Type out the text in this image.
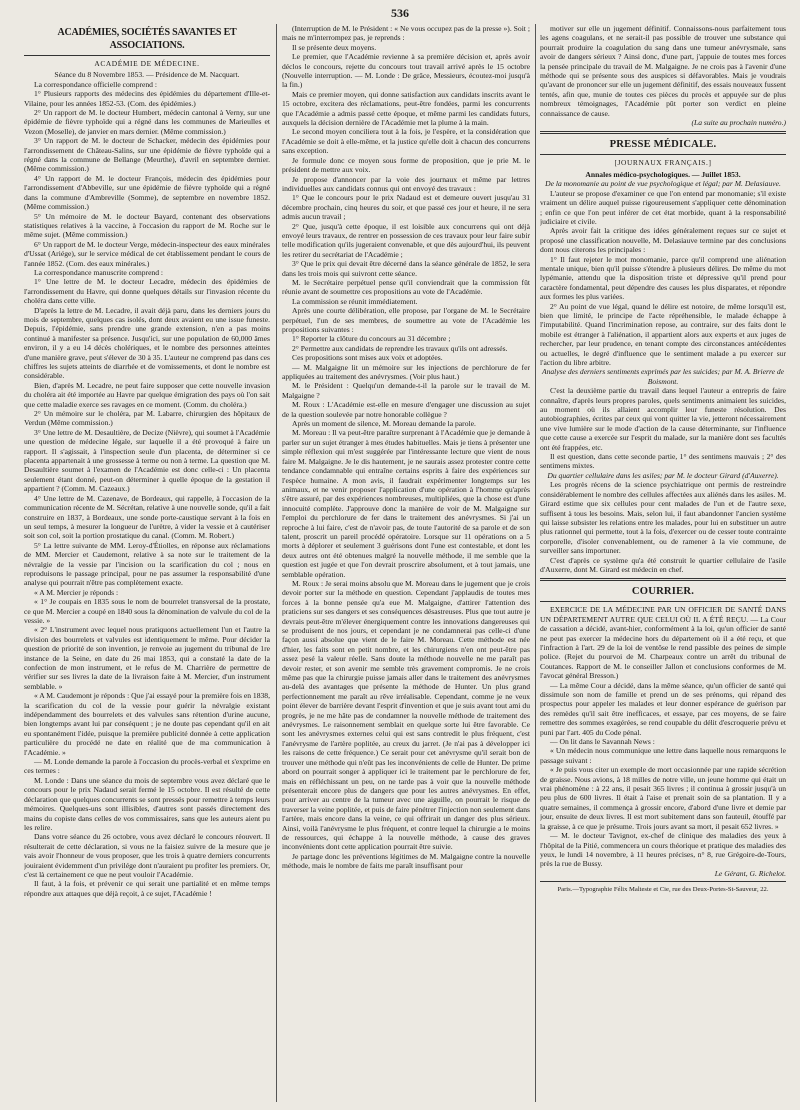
536
ACADÉMIES, SOCIÉTÉS SAVANTES ET ASSOCIATIONS.
ACADÉMIE DE MÉDECINE.
Séance du 8 Novembre 1853. — Présidence de M. Nacquart.

La correspondance officielle comprend :

1° Plusieurs rapports des médecins des épidémies du département d'Ille-et-Vilaine, pour les années 1852-53. (Com. des épidémies.)

2° Un rapport de M. le docteur Humbert, médecin cantonal à Verny, sur une épidémie de fièvre typhoïde qui a régné dans les communes de Marieulles et Vezon (Moselle), de janvier en mars dernier. (Même commission.)

3° Un rapport de M. le docteur de Schacker, médecin des épidémies pour l'arrondissement de Château-Salins, sur une épidémie de fièvre typhoïde qui a régné dans la commune de Bellange (Meurthe), d'avril en septembre dernier. (Même commission.)

4° Un rapport de M. le docteur François, médecin des épidémies pour l'arrondissement d'Abbeville, sur une épidémie de fièvre typhoïde qui a régné dans la commune d'Ambreville (Somme), de septembre en novembre 1852. (Même commission.)

5° Un mémoire de M. le docteur Bayard, contenant des observations statistiques relatives à la vaccine, à l'occasion du rapport de M. Roche sur le même sujet. (Même commission.)

6° Un rapport de M. le docteur Verge, médecin-inspecteur des eaux minérales d'Ussat (Ariége), sur le service médical de cet établissement pendant le cours de l'année 1852. (Com. des eaux minérales.)

La correspondance manuscrite comprend :

1° Une lettre de M. le docteur Lecadre, médecin des épidémies de l'arrondissement du Havre, qui donne quelques détails sur l'invasion récente du choléra dans cette ville.

D'après la lettre de M. Lecadre, il avait déjà paru, dans les derniers jours du mois de septembre, quelques cas isolés, dont deux avaient eu une issue funeste. Depuis, l'épidémie, sans prendre une grande extension, n'en a pas moins continué à manifester sa présence. Jusqu'ici, sur une population de 60,000 âmes environ, il y a eu 14 décès cholériques, et le nombre des personnes atteintes d'une manière grave, peut s'élever de 30 à 35. L'auteur ne comprend pas dans ces chiffres les sujets atteints de diarrhée et de vomissements, et dont le nombre est considérable.

Bien, d'après M. Lecadre, ne peut faire supposer que cette nouvelle invasion du choléra ait été importée au Havre par quelque émigration des pays où l'on sait que cette maladie exerce ses ravages en ce moment. (Comm. du choléra.)

2° Un mémoire sur le choléra, par M. Labarre, chirurgien des hôpitaux de Verdun (Même commission.)

3° Une lettre de M. Desaultière, de Decize (Nièvre), qui soumet à l'Académie une question de médecine légale, sur laquelle il a été provoqué à faire un rapport. Il s'agissait, à l'inspection seule d'un placenta, de déterminer si ce placenta appartenait à une grossesse à terme ou non à terme. La question que M. Desaultière soumet à l'examen de l'Académie est donc celle-ci : Un placenta seulement étant donné, peut-on déterminer à quelle époque de la gestation il appartient ? (Comm. M. Cazeaux.)

4° Une lettre de M. Cazenave, de Bordeaux, qui rappelle, à l'occasion de la communication récente de M. Sécrétan, relative à une nouvelle sonde, qu'il a fait construire en 1837, à Bordeaux, une sonde porte-caustique servant à la fois en un seul temps, à mesurer la longueur de l'urètre, à vider la vessie et à cautériser soit son col, soit la portion prostatique du canal. (Comm. M. Robert.)

5° La lettre suivante de MM. Leroy-d'Étiolles, en réponse aux réclamations de MM. Mercier et Caudemont, relative à sa note sur le traitement de la névralgie de la vessie par l'incision ou la scarification du col ; nous en reproduisons le passage principal, pour ne pas assumer la responsabilité d'une analyse qui pourrait n'être pas complètement exacte.

« A M. Mercier je réponds :

« 1° Je coupais en 1835 sous le nom de bourrelet transversal de la prostate, ce que M. Mercier a coupé en 1840 sous la dénomination de valvule du col de la vessie. »

« 2° L'instrument avec lequel nous pratiquons actuellement l'un et l'autre la division des bourrelets et valvules est identiquement le même. Pour décider la question de priorité de son invention, je renvoie au jugement du tribunal de 1re instance de la Seine, en date du 26 mai 1853, qui a constaté la date de la confection de mon instrument, et le refus de M. Charrière de permettre de vérifier sur ses livres la date de la livraison faite à M. Mercier, d'un instrument semblable. »

« A M. Caudemont je réponds : Que j'ai essayé pour la première fois en 1838, la scarification du col de la vessie pour guérir la névralgie existant indépendamment des bourrelets et des valvules sans rétention d'urine aucune, bien longtemps avant lui par conséquent ; je ne doute pas cependant qu'il en ait eu spontanément l'idée, puisque la première publicité donnée à cette application particulière du procédé ne date en réalité que de ma communication à l'Académie. »

— M. Londe demande la parole à l'occasion du procès-verbal et s'exprime en ces termes :

M. Londe : Dans une séance du mois de septembre vous avez déclaré que le concours pour le prix Nadaud serait fermé le 15 octobre. Il est résulté de cette déclaration que quelques concurrents se sont pressés pour remettre à temps leurs mémoires. Quelques-uns sont illisibles, d'autres sont passés directement des mains du copiste dans celles de vos commissaires, sans que les auteurs aient pu les relire.

Dans votre séance du 26 octobre, vous avez déclaré le concours réouvert. Il résulterait de cette déclaration, si vous ne la faisiez suivre de la mesure que je vais avoir l'honneur de vous proposer, que les trois à quatre derniers concurrents jouiraient évidemment d'un privilége dont n'auraient pu profiter les premiers. Or, c'est là certainement ce que ne peut vouloir l'Académie.

Il faut, à la fois, et prévenir ce qui serait une partialité et en même temps répondre aux attaques que déjà reçoit, à ce sujet, l'Académie !

(Interruption de M. le Président : « Ne vous occupez pas de la presse »). Soit ; mais ne m'interrompez pas, je reprends :

Il se présente deux moyens.

Le premier, que l'Académie revienne à sa première décision et, après avoir déclos le concours, rejette du concours tout travail arrivé après le 15 octobre (Nouvelle interruption. — M. Londe : De grâce, Messieurs, écoutez-moi jusqu'à la fin.)

Mais ce premier moyen, qui donne satisfaction aux candidats inscrits avant le 15 octobre, excitera des réclamations, peut-être fondées, parmi les concurrents que l'Académie a admis passé cette époque, et même parmi les candidats futurs, auxquels la décision dernière de l'Académie met la plume à la main.

Le second moyen conciliera tout à la fois, je l'espère, et la considération que l'Académie se doit à elle-même, et la justice qu'elle doit à chacun des concurrens sans exception.

Je formule donc ce moyen sous forme de proposition, que je prie M. le président de mettre aux voix.

Je propose d'annoncer par la voie des journaux et même par lettres individuelles aux candidats connus qui ont envoyé des travaux :

1° Que le concours pour le prix Nadaud est et demeure ouvert jusqu'au 31 décembre prochain, cinq heures du soir, et que passé ces jour et heure, il ne sera admis aucun travail ;

2° Que, jusqu'à cette époque, il est loisible aux concurrens qui ont déjà envoyé leurs travaux, de rentrer en possession de ces travaux pour leur faire subir telle modification qu'ils jugeraient convenable, et que dès aujourd'hui, ils peuvent les retirer du secrétariat de l'Académie ;

3° Que le prix qui devait être décerné dans la séance générale de 1852, le sera dans les trois mois qui suivront cette séance.

M. le Secrétaire perpétuel pense qu'il conviendrait que la commission fût réunie avant de soumettre ces propositions au vote de l'Académie.

La commission se réunit immédiatement.

Après une courte délibération, elle propose, par l'organe de M. le Secrétaire perpétuel, l'un de ses membres, de soumettre au vote de l'Académie les propositions suivantes :

1° Reporter la clôture du concours au 31 décembre ;

2° Permettre aux candidats de reprendre les travaux qu'ils ont adressés.

Ces propositions sont mises aux voix et adoptées.

— M. Malgaigne lit un mémoire sur les injections de perchlorure de fer appliquées au traitement des anévrysmes. (Voir plus haut.)

M. le Président : Quelqu'un demande-t-il la parole sur le travail de M. Malgaigne ?

M. Roux : L'Académie est-elle en mesure d'engager une discussion au sujet de la question soulevée par notre honorable collègue ?

Après un moment de silence, M. Moreau demande la parole.

M. Moreau : Il va peut-être paraître surprenant à l'Académie que je demande à parler sur un sujet étranger à mes études habituelles. Mais je tiens à présenter une simple réflexion qui m'est suggérée par l'intéressante lecture que vient de nous faire M. Malgaigne. Je le dis hautement, je ne saurais assez protester contre cette tendance condamnable qui entraîne certains esprits à faire des expériences sur l'espèce humaine. A mon avis, il faudrait expérimenter longtemps sur les animaux, et ne venir proposer l'application d'une opération à l'homme qu'après s'être assuré, par des expériences nombreuses, multipliées, que la chose est d'une innocuité complète. J'approuve donc la manière de voir de M. Malgaigne sur l'emploi du perchlorure de fer dans le traitement des anévrysmes. Si j'ai un reproche à lui faire, c'est de n'avoir pas, de toute l'autorité de sa parole et de son talent, proscrit un pareil procédé opératoire. Lorsque sur 11 opérations on a 5 morts à déplorer et seulement 3 guérisons dont l'une est contestable, et dont les deux autres ont été obtenues malgré la nouvelle méthode, il me semble que la question est jugée et que l'on devrait proscrire absolument, et à tout jamais, une semblable opération.

M. Roux : Je serai moins absolu que M. Moreau dans le jugement que je crois devoir porter sur la méthode en question. Cependant j'applaudis de toutes mes forces à la bonne pensée qu'a eue M. Malgaigne, d'attirer l'attention des praticiens sur ses dangers et ses conséquences désastreuses. Plus que tout autre je devrais peut-être m'élever énergiquement contre les innovations dangereuses qui se produisent de nos jours, et cependant je ne condamnerai pas celle-ci d'une façon aussi absolue que vient de le faire M. Moreau. Cette méthode est née d'hier, les faits sont en petit nombre, et les chirurgiens n'en ont peut-être pas assez pesé la valeur réelle. Sans doute la méthode nouvelle ne me paraît pas devoir rester, et son avenir me semble très gravement compromis. Je ne crois même pas que la chirurgie puisse jamais aller dans le traitement des anévrysmes au-delà des avantages que présente la méthode de Hunter. Un plus grand perfectionnement me paraît au rêve irréalisable. Cependant, comme je ne veux point élever de barrière devant l'esprit d'invention et que je suis avant tout ami du progrès, je ne me hâte pas de condamner la nouvelle méthode de traitement des anévrysmes. Le raisonnement semblait en quelque sorte lui être favorable. Ce sont les anévrysmes externes celui qui est sans contredit le plus fréquent, c'est l'anévrysme de l'artère poplitée, au creux du jarret. (Je n'ai pas à développer ici les raisons de cette fréquence.) Ce serait pour cet anévrysme qu'il serait bon de trouver une méthode qui n'eût pas les inconvénients de celle de Hunter. De prime abord on pourrait songer à appliquer ici le traitement par le perchlorure de fer, mais en réfléchissant un peu, on ne tarde pas à voir que la nouvelle méthode présenterait encore plus de dangers que pour les autres anévrysmes. En effet, pour arriver au centre de la tumeur avec une aiguille, on pourrait le risque de traverser la veine poplitée, et puis de faire pénétrer l'injection non seulement dans l'artère, mais encore dans la veine, ce qui offrirait un danger des plus sérieux. Ainsi, voilà l'anévrysme le plus fréquent, et contre lequel la chirurgie a le moins de ressources, qui échappe à la nouvelle méthode, à cause des graves inconvénients dont cette application pourrait être suivie.

Je partage donc les préventions légitimes de M. Malgaigne contre la nouvelle méthode, mais le nombre de faits me paraît insuffisant pour

motiver sur elle un jugement définitif. Connaissons-nous parfaitement tous les agens coagulans, et ne serait-il pas possible de trouver une substance qui pourrait produire la coagulation du sang dans une tumeur anévrysmale, sans avoir de dangers sérieux ? Ainsi donc, d'une part, j'appuie de toutes mes forces la pensée principale du travail de M. Malgaigne. Je ne crois pas à l'avenir d'une méthode qui se présente sous des auspices si défavorables. Mais je voudrais qu'avant de prononcer sur elle un jugement définitif, des essais nouveaux fussent tentés, afin que, munie de toutes ces pièces du procès et appuyée sur de plus nombreux témoignages, l'Académie pût porter son verdict en pleine connaissance de cause.

(La suite au prochain numéro.)
PRESSE MÉDICALE.
[JOURNAUX FRANÇAIS.]
Annales médico-psychologiques. — Juillet 1853.
De la monomanie au point de vue psychologique et légal; par M. Delasiauve.

L'auteur se propose d'examiner ce que l'on entend par monomanie; s'il existe vraiment un délire auquel puisse rigoureusement s'appliquer cette dénomination ; enfin ce que l'on peut inférer de cet état morbide, quant à la responsabilité judiciaire et civile.

Après avoir fait la critique des idées généralement reçues sur ce sujet et proposé une classification nouvelle, M. Delasiauve termine par des conclusions dont nous citerons les principales :

1° Il faut rejeter le mot monomanie, parce qu'il comprend une aliénation mentale unique, bien qu'il puisse s'étendre à plusieurs délires. De même du mot lypémanie, attendu que la disposition triste et dépressive qu'il prend pour caractère fondamental, peut dépendre des causes les plus disparates, et répondre aux formes les plus variées.

2° Au point de vue légal, quand le délire est notoire, de même lorsqu'il est, bien que limité, le principe de l'acte répréhensible, le malade échappe à l'imputabilité. Quand l'incrimination repose, au contraire, sur des faits dont le mobile est étranger à l'aliénation, il appartient alors aux experts et aux juges de rechercher, par leur prudence, en tenant compte des circonstances antécédentes ou actuelles, le degré d'influence que le sentiment malade a pu exercer sur l'action du libre arbitre.

Analyse des derniers sentiments exprimés par les suicides; par M. A. Brierre de Boismont.

C'est la deuxième partie du travail dans lequel l'auteur a entrepris de faire connaître, d'après leurs propres paroles, quels sentiments animaient les suicides, au moment où ils allaient accomplir leur funeste résolution. Des autobiographies, écrites par ceux qui vont quitter la vie, jetteront nécessairement une vive lumière sur le mode d'action de la cause déterminante, sur l'influence que cette cause a exercée sur l'esprit du malade, sur la manière dont ses facultés ont été frappées, etc.

Il est question, dans cette seconde partie, 1° des sentimens mauvais ; 2° des sentimens mixtes.

Du quartier cellulaire dans les asiles; par M. le docteur Girard (d'Auxerre).

Les progrès récens de la science psychiatrique ont permis de restreindre considérablement le nombre des cellules affectées aux aliénés dans les asiles. M. Girard estime que six cellules pour cent malades de l'un et de l'autre sexe, suffisent à tous les besoins. Mais, selon lui, il faut abandonner l'ancien système qui laisse subsister les relations entre les malades, pour lui en substituer un autre plus rationnel qui permette, tout à la fois, d'exercer ou de cesser toute contrainte corporelle, d'isoler convenablement, ou de ramener à la vie commune, de surveiller sans importuner.

C'est d'après ce système qu'a été construit le quartier cellulaire de l'asile d'Auxerre, dont M. Girard est médecin en chef.

COURRIER.

EXERCICE DE LA MÉDECINE PAR UN OFFICIER DE SANTÉ DANS UN DÉPARTEMENT AUTRE QUE CELUI OÙ IL A ÉTÉ REÇU. — La Cour de cassation a décidé, avant-hier, conformément à la loi, qu'un officier de santé ne peut pas exercer la médecine hors du département où il a été reçu, et que l'infraction à l'art. 29 de la loi de ventôse le rend passible des peines de simple police. (Rejet du pourvoi de M. Charpeaux contre un arrêt du tribunal de Coutances. Rapport de M. le conseiller Jallon et conclusions conformes de M. l'avocat général Bresson.)

— La même Cour a décidé, dans la même séance, qu'un officier de santé qui dissimule son nom de famille et prend un de ses prénoms, qui répand des prospectus pour appeler les malades et leur donner espérance de guérison par des remèdes qu'il sait être inefficaces, et essaye, par ces moyens, de se faire remettre des sommes exagérées, se rend coupable du délit d'escroquerie prévu et puni par l'art. 405 du Code pénal.

— On lit dans le Savannah News :

« Un médecin nous communique une lettre dans laquelle nous remarquons le passage suivant :

« Je puis vous citer un exemple de mort occasionnée par une rapide sécrétion de graisse. Nous avions, à 18 milles de notre ville, un jeune homme qui était un vrai phénomène : à 22 ans, il pesait 365 livres ; il continua à grossir jusqu'à un peu plus de 600 livres. Il était à l'aise et prenait soin de sa plantation. Il y a quatre semaines, il commença à grossir encore, d'abord d'une livre et demie par jour, ensuite de deux livres. Il est mort subitement dans son fauteuil, étouffé par la graisse, à ce que je présume. Trois jours avant sa mort, il pesait 652 livres. »

— M. le docteur Tavignot, ex-chef de clinique des maladies des yeux à l'hôpital de la Pitié, commencera un cours théorique et pratique des maladies des yeux, le lundi 14 novembre, à 11 heures précises, n° 8, rue Grégoire-de-Tours, près la rue de Bussy.

Le Gérant, G. Richelot.
Paris.—Typographie Félix Malteste et Cie, rue des Deux-Portes-St-Sauveur, 22.
